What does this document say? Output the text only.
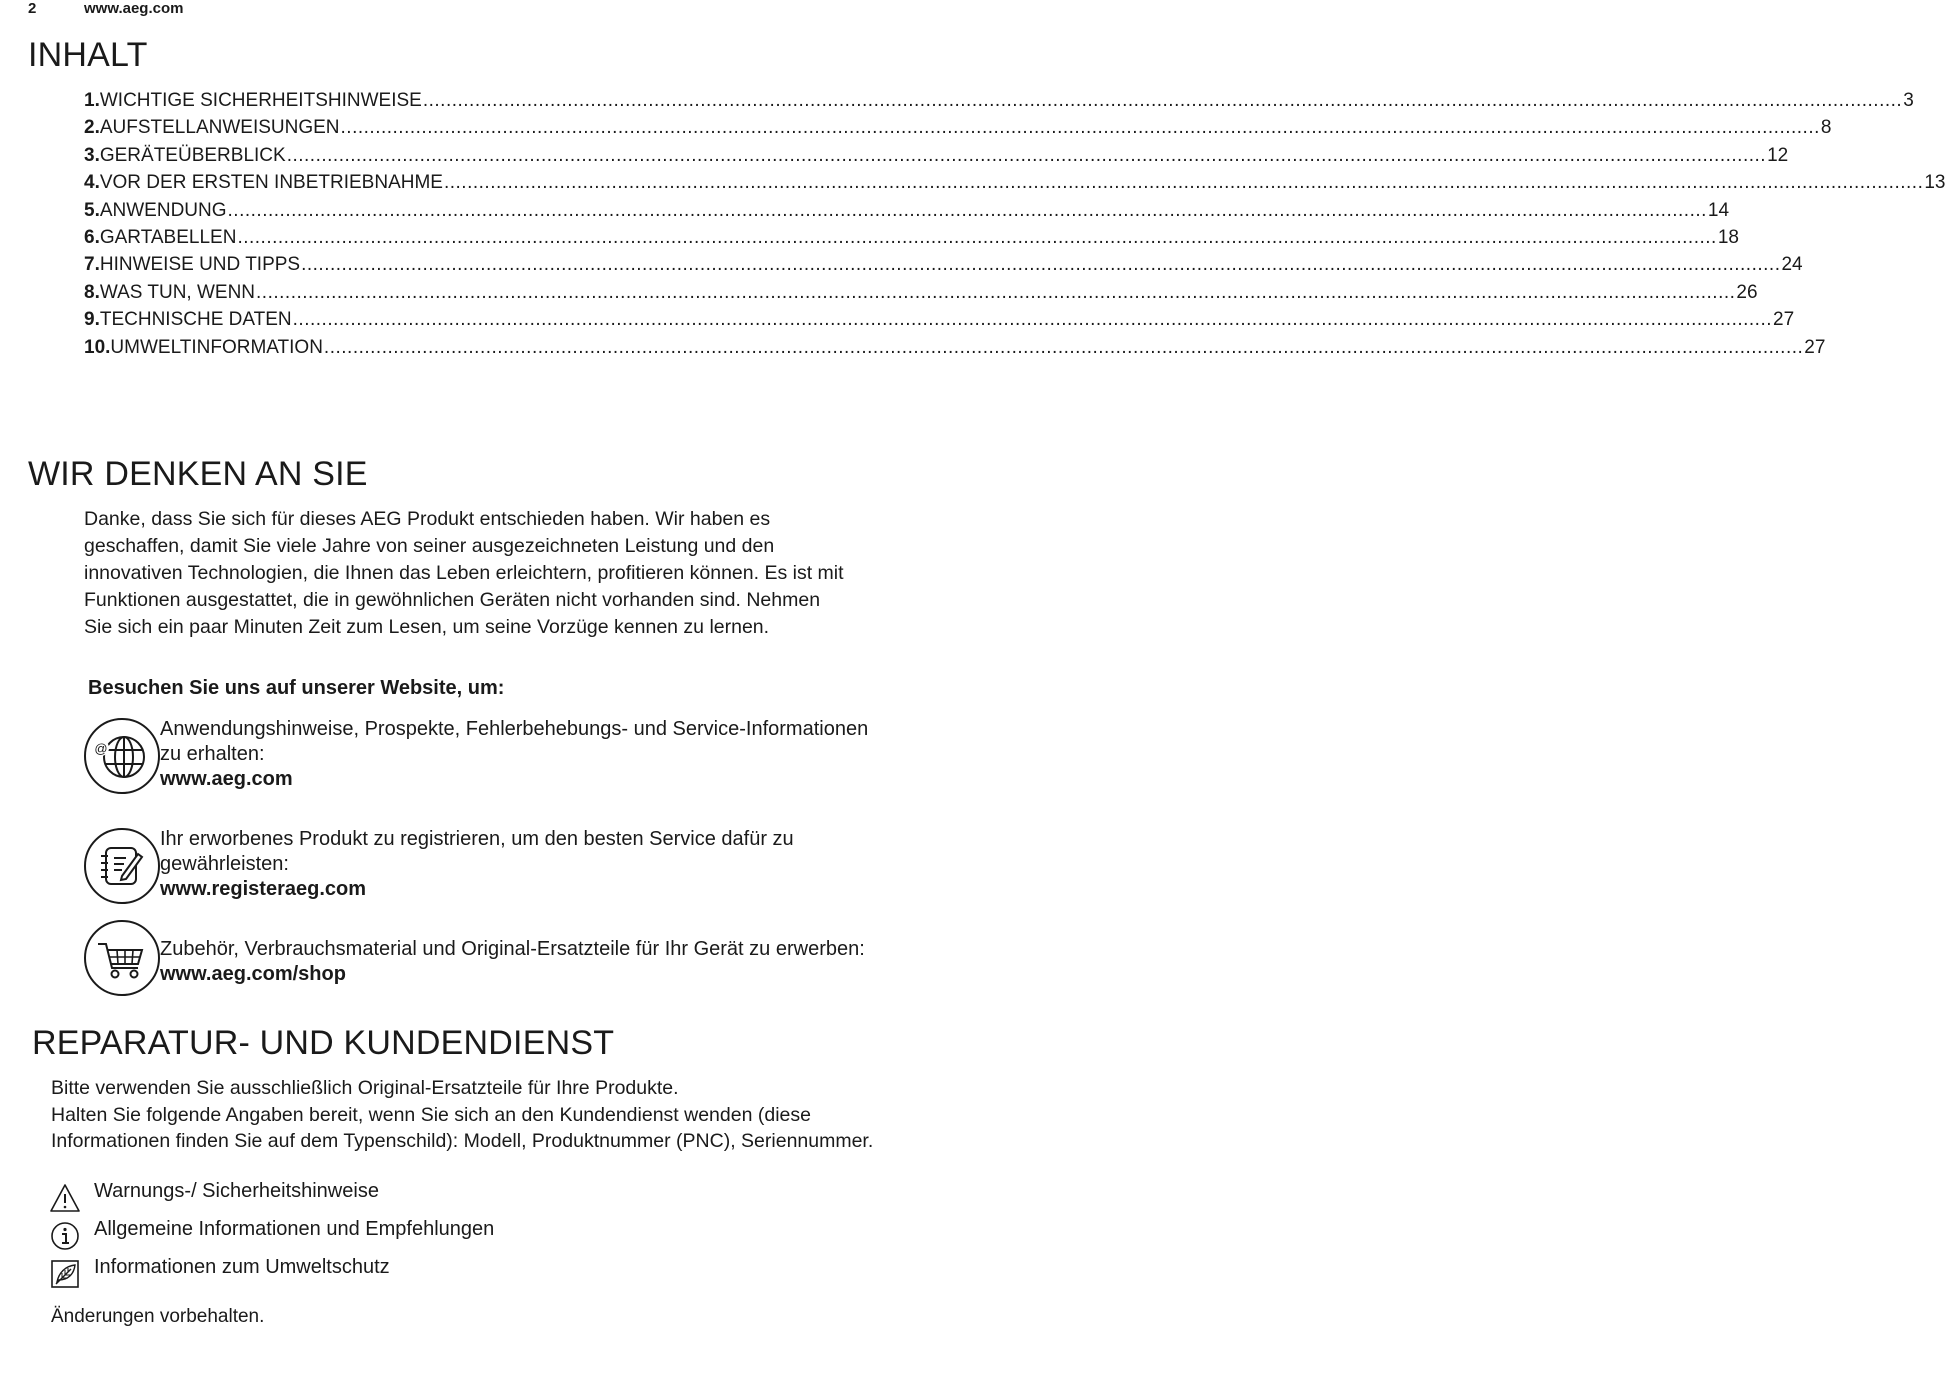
2	www.aeg.com
INHALT
1. WICHTIGE SICHERHEITSHINWEISE ................................................................................................................................................................................................................................................................ 3
2. AUFSTELLANWEISUNGEN ................................................................................................................................................................................................................................................................ 8
3. GERÄTEÜBERBLICK ................................................................................................................................................................................................................................................................ 12
4. VOR DER ERSTEN INBETRIEBNAHME ................................................................................................................................................................................................................................................................ 13
5. ANWENDUNG ................................................................................................................................................................................................................................................................ 14
6. GARTABELLEN ................................................................................................................................................................................................................................................................ 18
7. HINWEISE UND TIPPS ................................................................................................................................................................................................................................................................ 24
8. WAS TUN, WENN ................................................................................................................................................................................................................................................................ 26
9. TECHNISCHE DATEN ................................................................................................................................................................................................................................................................ 27
10. UMWELTINFORMATION ................................................................................................................................................................................................................................................................ 27
WIR DENKEN AN SIE
Danke, dass Sie sich für dieses AEG Produkt entschieden haben. Wir haben es
geschaffen, damit Sie viele Jahre von seiner ausgezeichneten Leistung und den
innovativen Technologien, die Ihnen das Leben erleichtern, profitieren können. Es ist mit
Funktionen ausgestattet, die in gewöhnlichen Geräten nicht vorhanden sind. Nehmen
Sie sich ein paar Minuten Zeit zum Lesen, um seine Vorzüge kennen zu lernen.
Besuchen Sie uns auf unserer Website, um:
@
Anwendungshinweise, Prospekte, Fehlerbehebungs- und Service-Informationen
zu erhalten:
www.aeg.com
Ihr erworbenes Produkt zu registrieren, um den besten Service dafür zu
gewährleisten:
www.registeraeg.com
Zubehör, Verbrauchsmaterial und Original-Ersatzteile für Ihr Gerät zu erwerben:
www.aeg.com/shop
REPARATUR- UND KUNDENDIENST
Bitte verwenden Sie ausschließlich Original-Ersatzteile für Ihre Produkte.
Halten Sie folgende Angaben bereit, wenn Sie sich an den Kundendienst wenden (diese
Informationen finden Sie auf dem Typenschild): Modell, Produktnummer (PNC), Seriennummer.
Warnungs-/ Sicherheitshinweise
Allgemeine Informationen und Empfehlungen
Informationen zum Umweltschutz
Änderungen vorbehalten.
